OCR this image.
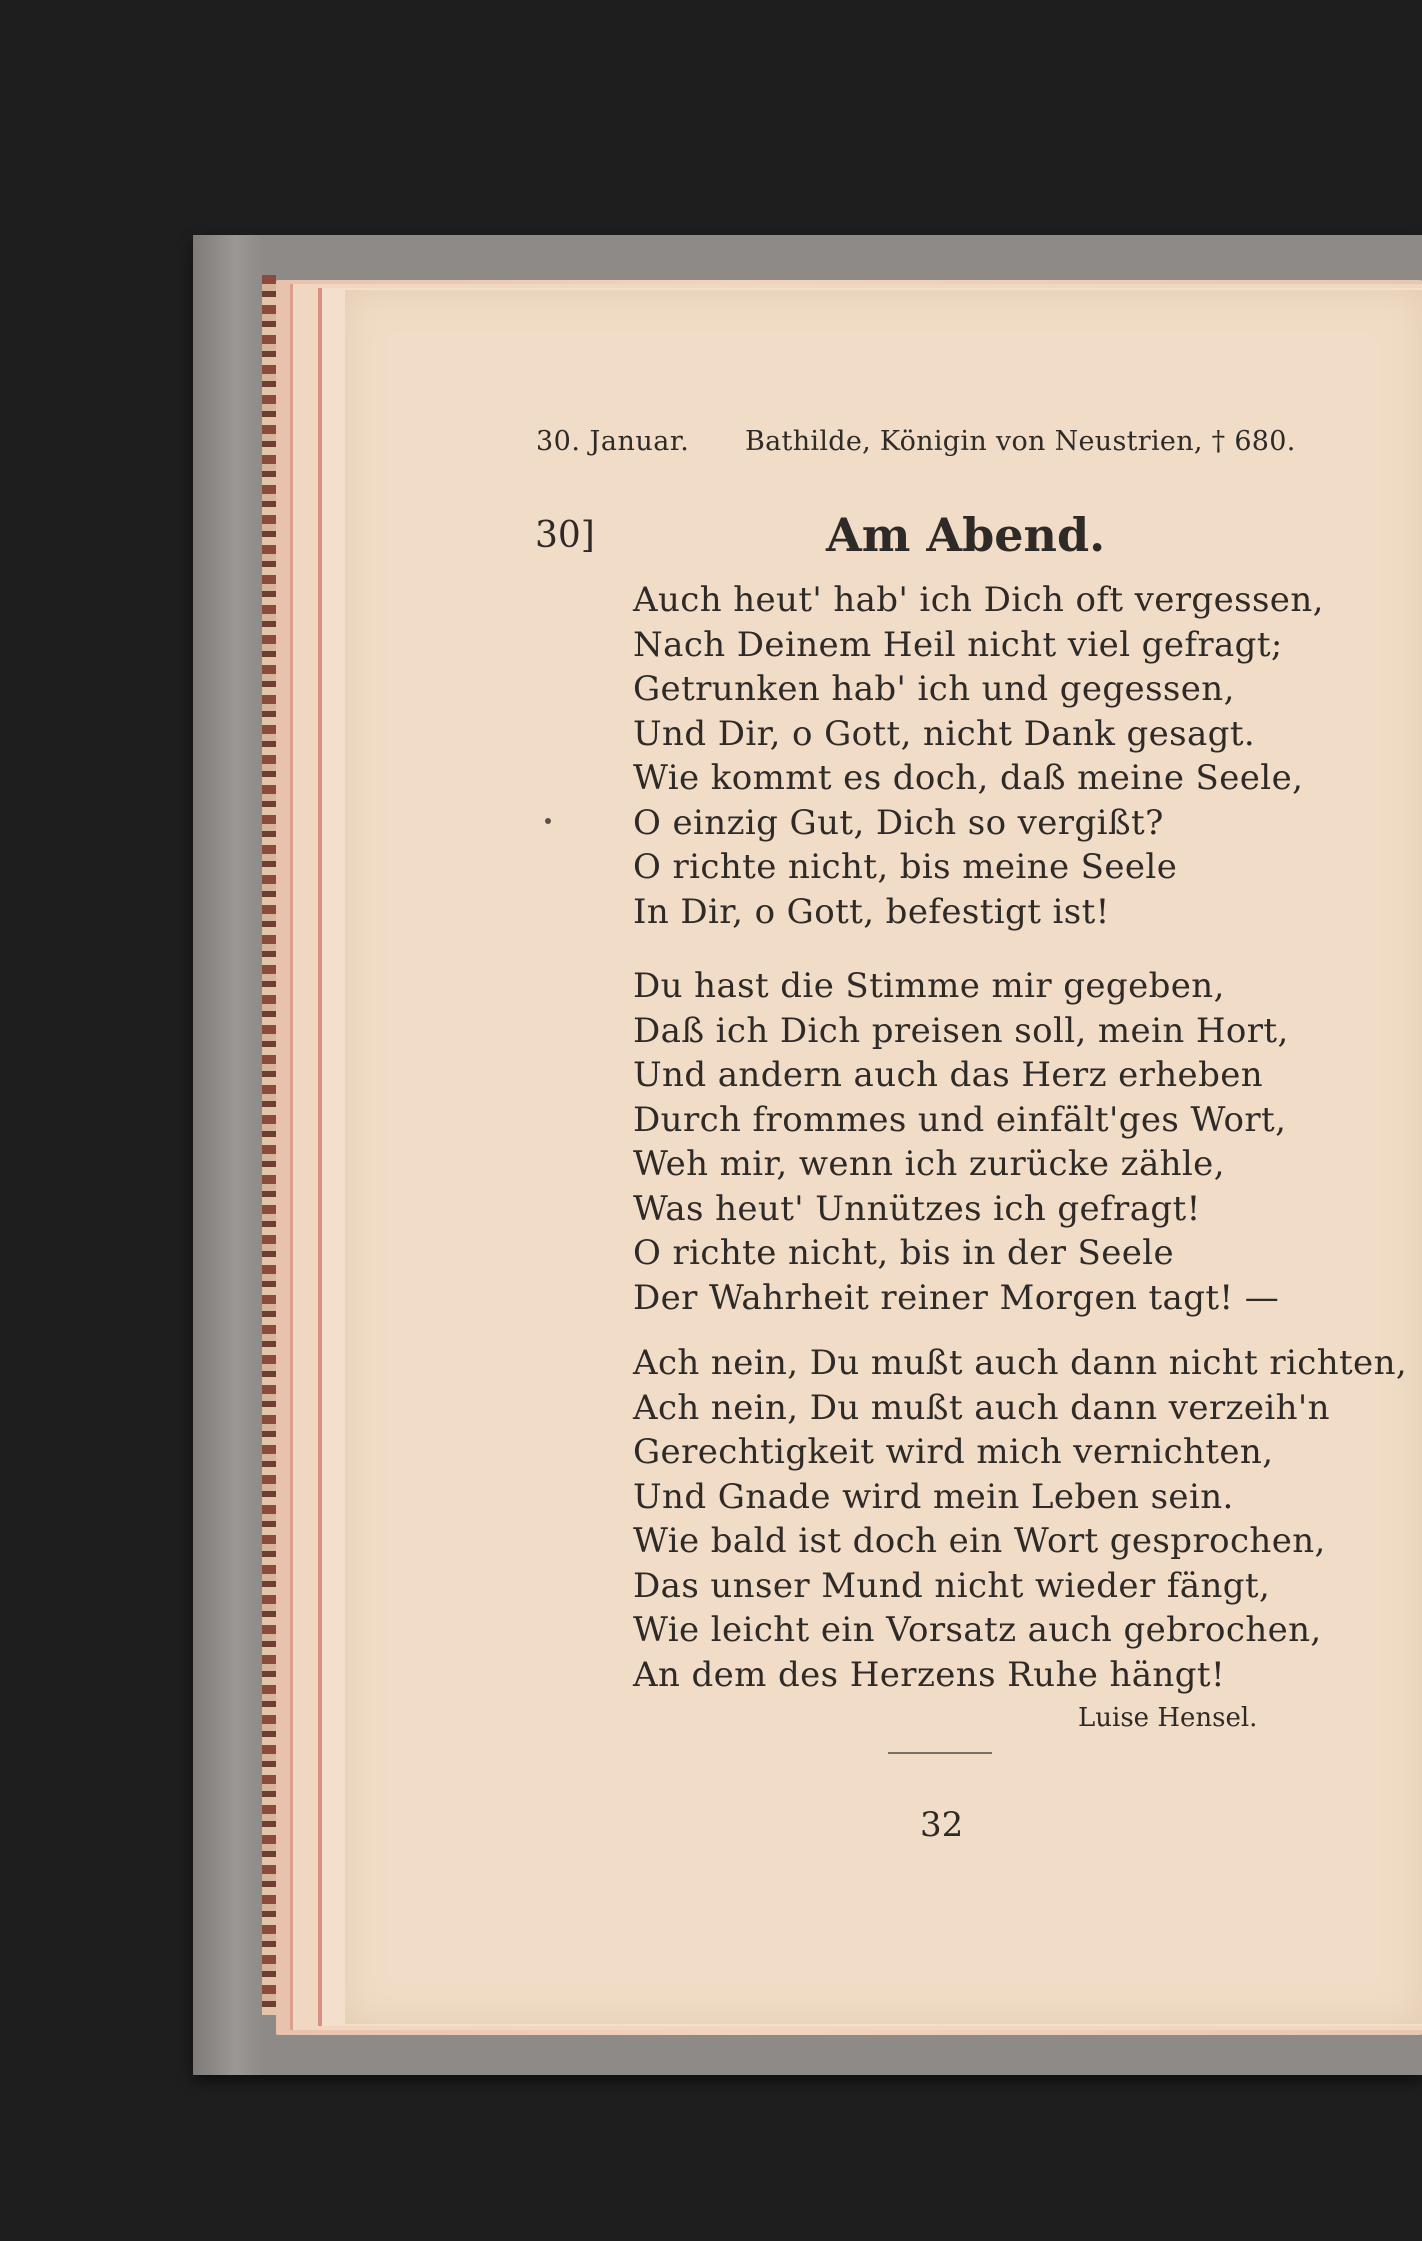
30. Januar. Bathilde, Königin von Neustrien, † 680.
30]	Am Abend.
Auch heut' hab' ich Dich oft vergessen,
Nach Deinem Heil nicht viel gefragt;
Getrunken hab' ich und gegessen,
Und Dir, o Gott, nicht Dank gesagt.
Wie kommt es doch, daß meine Seele,
O einzig Gut, Dich so vergißt?
O richte nicht, bis meine Seele
In Dir, o Gott, befestigt ist!
Du hast die Stimme mir gegeben,
Daß ich Dich preisen soll, mein Hort,
Und andern auch das Herz erheben
Durch frommes und einfält'ges Wort,
Weh mir, wenn ich zurücke zähle,
Was heut' Unnützes ich gefragt!
O richte nicht, bis in der Seele
Der Wahrheit reiner Morgen tagt! —
Ach nein, Du mußt auch dann nicht richten,
Ach nein, Du mußt auch dann verzeih'n
Gerechtigkeit wird mich vernichten,
Und Gnade wird mein Leben sein.
Wie bald ist doch ein Wort gesprochen,
Das unser Mund nicht wieder fängt,
Wie leicht ein Vorsatz auch gebrochen,
An dem des Herzens Ruhe hängt!
Luise Hensel.
32
